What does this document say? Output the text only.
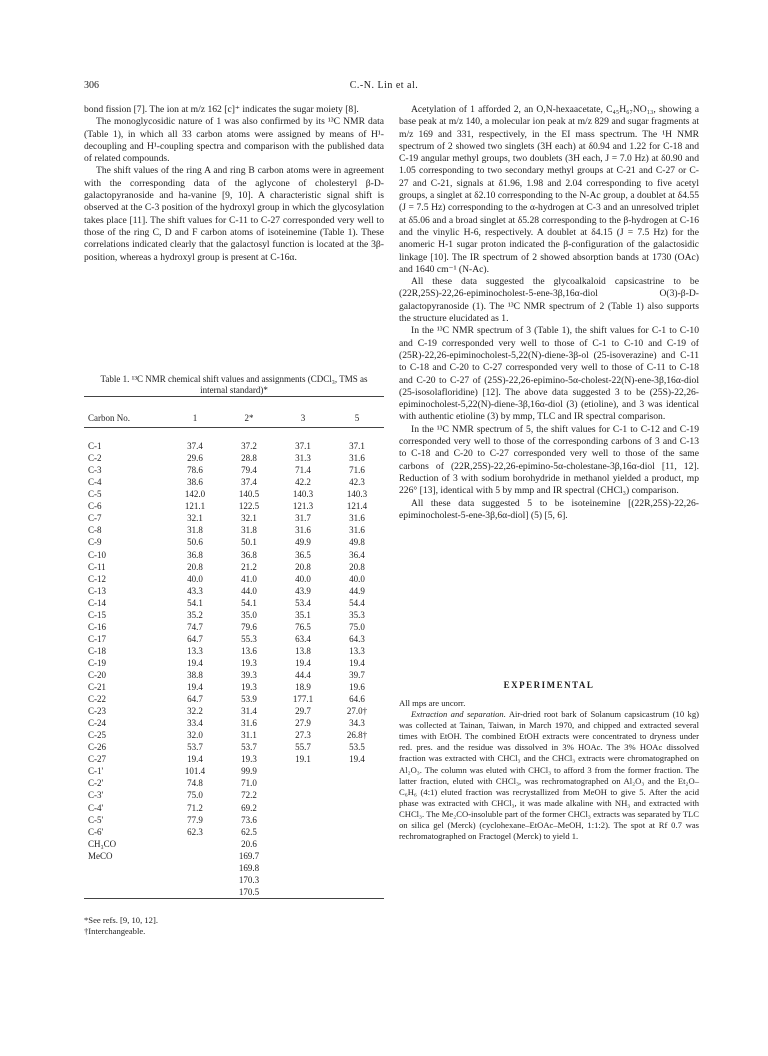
306	C.-N. Lin et al.

bond fission [7]. The ion at m/z 162 [c]⁺ indicates the sugar moiety [8].

The monoglycosidic nature of 1 was also confirmed by its ¹³C NMR data (Table 1), in which all 33 carbon atoms were assigned by means of H¹-decoupling and H¹-coupling spectra and comparison with the published data of related compounds.

The shift values of the ring A and ring B carbon atoms were in agreement with the corresponding data of the aglycone of cholesteryl β-D-galactopyranoside and ha-vanine [9, 10]. A characteristic signal shift is observed at the C-3 position of the hydroxyl group in which the glycosylation takes place [11]. The shift values for C-11 to C-27 corresponded very well to those of the ring C, D and F carbon atoms of isoteinemine (Table 1). These correlations indicated clearly that the galactosyl function is located at the 3β-position, whereas a hydroxyl group is present at C-16α.

Table 1. ¹³C NMR chemical shift values and assignments (CDCl₃, TMS as internal standard)*

Carbon No.	1	2*	3	5

C-1	37.4	37.2	37.1	37.1
C-2	29.6	28.8	31.3	31.6
C-3	78.6	79.4	71.4	71.6
C-4	38.6	37.4	42.2	42.3
C-5	142.0	140.5	140.3	140.3
C-6	121.1	122.5	121.3	121.4
C-7	32.1	32.1	31.7	31.6
C-8	31.8	31.8	31.6	31.6
C-9	50.6	50.1	49.9	49.8
C-10	36.8	36.8	36.5	36.4
C-11	20.8	21.2	20.8	20.8
C-12	40.0	41.0	40.0	40.0
C-13	43.3	44.0	43.9	44.9
C-14	54.1	54.1	53.4	54.4
C-15	35.2	35.0	35.1	35.3
C-16	74.7	79.6	76.5	75.0
C-17	64.7	55.3	63.4	64.3
C-18	13.3	13.6	13.8	13.3
C-19	19.4	19.3	19.4	19.4
C-20	38.8	39.3	44.4	39.7
C-21	19.4	19.3	18.9	19.6
C-22	64.7	53.9	177.1	64.6
C-23	32.2	31.4	29.7	27.0†
C-24	33.4	31.6	27.9	34.3
C-25	32.0	31.1	27.3	26.8†
C-26	53.7	53.7	55.7	53.5
C-27	19.4	19.3	19.1	19.4
C-1'	101.4	99.9		
C-2'	74.8	71.0		
C-3'	75.0	72.2		
C-4'	71.2	69.2		
C-5'	77.9	73.6		
C-6'	62.3	62.5		
CH₃CO		20.6		
MeCO		169.7		
		169.8		
		170.3		
		170.5		

*See refs. [9, 10, 12].
†Interchangeable.

Acetylation of 1 afforded 2, an O,N-hexaacetate, C₄₅H₆₇NO₁₃, showing a base peak at m/z 140, a molecular ion peak at m/z 829 and sugar fragments at m/z 169 and 331, respectively, in the EI mass spectrum. The ¹H NMR spectrum of 2 showed two singlets (3H each) at δ0.94 and 1.22 for C-18 and C-19 angular methyl groups, two doublets (3H each, J = 7.0 Hz) at δ0.90 and 1.05 corresponding to two secondary methyl groups at C-21 and C-27 or C-27 and C-21, signals at δ1.96, 1.98 and 2.04 corresponding to five acetyl groups, a singlet at δ2.10 corresponding to the N-Ac group, a doublet at δ4.55 (J = 7.5 Hz) corresponding to the α-hydrogen at C-3 and an unresolved triplet at δ5.06 and a broad singlet at δ5.28 corresponding to the β-hydrogen at C-16 and the vinylic H-6, respectively. A doublet at δ4.15 (J = 7.5 Hz) for the anomeric H-1 sugar proton indicated the β-configuration of the galactosidic linkage [10]. The IR spectrum of 2 showed absorption bands at 1730 (OAc) and 1640 cm⁻¹ (N-Ac).

All these data suggested the glycoalkaloid capsicastrine to be (22R,25S)-22,26-epiminocholest-5-ene-3β,16α-diol O(3)-β-D-galactopyranoside (1). The ¹³C NMR spectrum of 2 (Table 1) also supports the structure elucidated as 1.

In the ¹³C NMR spectrum of 3 (Table 1), the shift values for C-1 to C-10 and C-19 corresponded very well to those of C-1 to C-10 and C-19 of (25R)-22,26-epiminocholest-5,22(N)-diene-3β-ol (25-isoverazine) and C-11 to C-18 and C-20 to C-27 corresponded very well to those of C-11 to C-18 and C-20 to C-27 of (25S)-22,26-epimino-5α-cholest-22(N)-ene-3β,16α-diol (25-isosolafloridine) [12]. The above data suggested 3 to be (25S)-22,26-epiminocholest-5,22(N)-diene-3β,16α-diol (3) (etioline), and 3 was identical with authentic etioline (3) by mmp, TLC and IR spectral comparison.

In the ¹³C NMR spectrum of 5, the shift values for C-1 to C-12 and C-19 corresponded very well to those of the corresponding carbons of 3 and C-13 to C-18 and C-20 to C-27 corresponded very well to those of the same carbons of (22R,25S)-22,26-epimino-5α-cholestane-3β,16α-diol [11, 12]. Reduction of 3 with sodium borohydride in methanol yielded a product, mp 226° [13], identical with 5 by mmp and IR spectral (CHCl₃) comparison.

All these data suggested 5 to be isoteinemine [(22R,25S)-22,26-epiminocholest-5-ene-3β,6α-diol] (5) [5, 6].

EXPERIMENTAL

All mps are uncorr.

Extraction and separation. Air-dried root bark of Solanum capsicastrum (10 kg) was collected at Tainan, Taiwan, in March 1970, and chipped and extracted several times with EtOH. The combined EtOH extracts were concentrated to dryness under red. pres. and the residue was dissolved in 3% HOAc. The 3% HOAc dissolved fraction was extracted with CHCl₃ and the CHCl₃ extracts were chromatographed on Al₂O₃. The column was eluted with CHCl₃ to afford 3 from the former fraction. The latter fraction, eluted with CHCl₃, was rechromatographed on Al₂O₃ and the Et₂O–C₆H₆ (4:1) eluted fraction was recrystallized from MeOH to give 5. After the acid phase was extracted with CHCl₃, it was made alkaline with NH₃ and extracted with CHCl₃. The Me₂CO-insoluble part of the former CHCl₃ extracts was separated by TLC on silica gel (Merck) (cyclohexane–EtOAc–MeOH, 1:1:2). The spot at Rf 0.7 was rechromatographed on Fractogel (Merck) to yield 1.
